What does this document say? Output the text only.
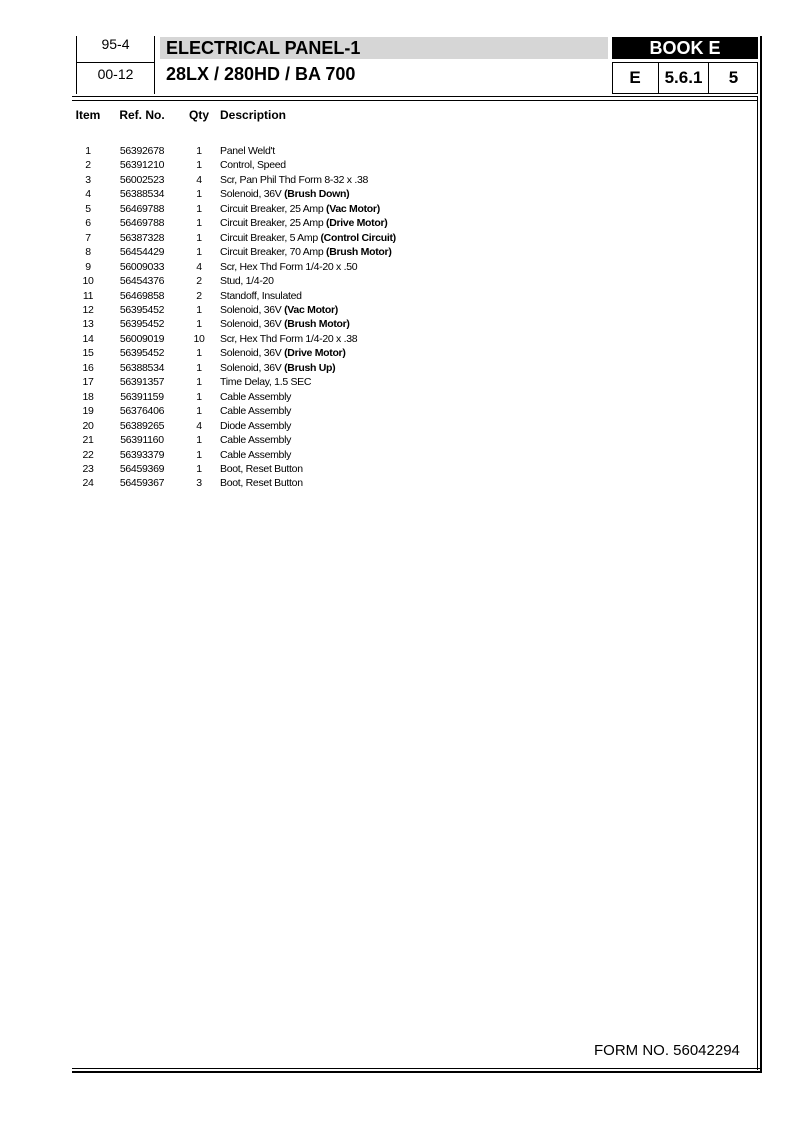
95-4
00-12
ELECTRICAL PANEL-1
28LX / 280HD / BA 700
BOOK E
E	5.6.1	5
Item	Ref. No.	Qty	Description

1	56392678	1	Panel Weld't
2	56391210	1	Control, Speed
3	56002523	4	Scr, Pan Phil Thd Form 8-32 x .38
4	56388534	1	Solenoid, 36V (Brush Down)
5	56469788	1	Circuit Breaker, 25 Amp (Vac Motor)
6	56469788	1	Circuit Breaker, 25 Amp (Drive Motor)
7	56387328	1	Circuit Breaker, 5 Amp (Control Circuit)
8	56454429	1	Circuit Breaker, 70 Amp (Brush Motor)
9	56009033	4	Scr, Hex Thd Form 1/4-20 x .50
10	56454376	2	Stud, 1/4-20
11	56469858	2	Standoff, Insulated
12	56395452	1	Solenoid, 36V (Vac Motor)
13	56395452	1	Solenoid, 36V (Brush Motor)
14	56009019	10	Scr, Hex Thd Form 1/4-20 x .38
15	56395452	1	Solenoid, 36V (Drive Motor)
16	56388534	1	Solenoid, 36V (Brush Up)
17	56391357	1	Time Delay, 1.5 SEC
18	56391159	1	Cable Assembly
19	56376406	1	Cable Assembly
20	56389265	4	Diode Assembly
21	56391160	1	Cable Assembly
22	56393379	1	Cable Assembly
23	56459369	1	Boot, Reset Button
24	56459367	3	Boot, Reset Button
FORM NO. 56042294
